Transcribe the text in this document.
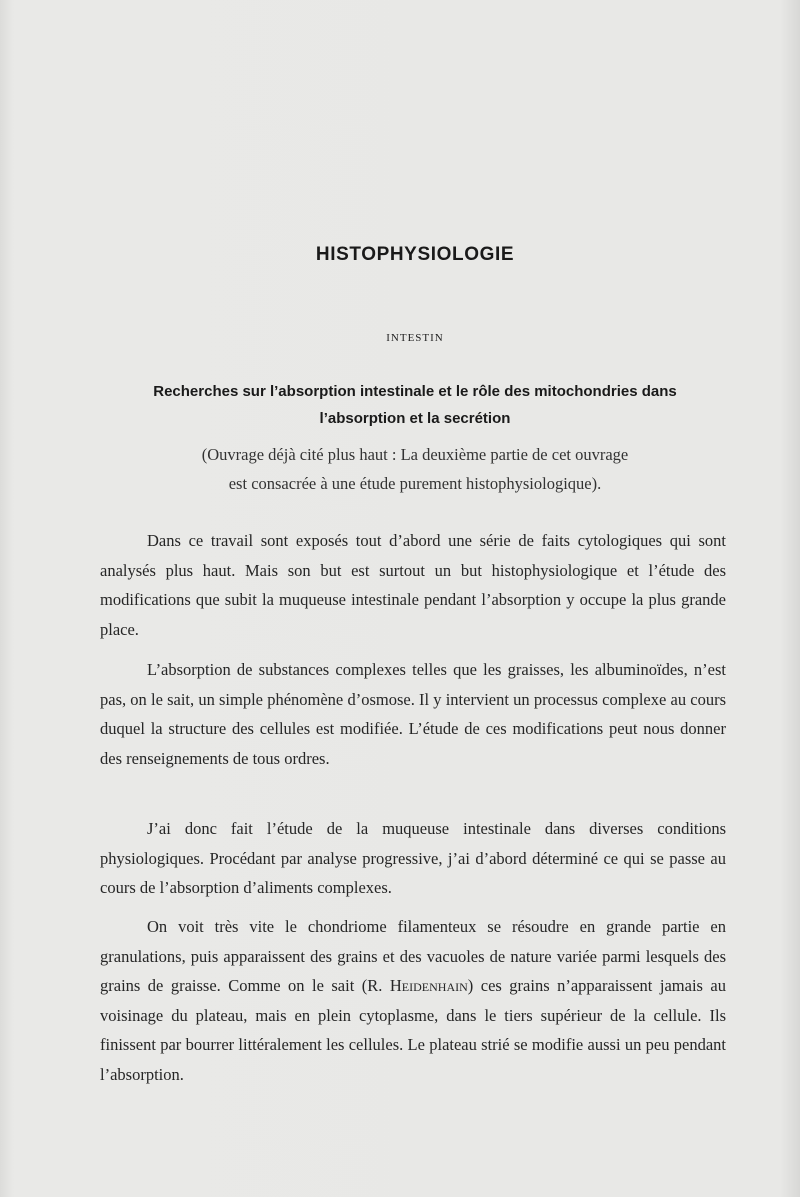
HISTOPHYSIOLOGIE
INTESTIN
Recherches sur l’absorption intestinale et le rôle des mitochondries dans
l’absorption et la secrétion

(Ouvrage déjà cité plus haut : La deuxième partie de cet ouvrage
est consacrée à une étude purement histophysiologique).

Dans ce travail sont exposés tout d’abord une série de faits cytologiques qui sont analysés plus haut. Mais son but est surtout un but histophysiologique et l’étude des modifications que subit la muqueuse intestinale pendant l’absorption y occupe la plus grande place.

L’absorption de substances complexes telles que les graisses, les albuminoïdes, n’est pas, on le sait, un simple phénomène d’osmose. Il y intervient un processus complexe au cours duquel la structure des cellules est modifiée. L’étude de ces modifications peut nous donner des renseignements de tous ordres.

J’ai donc fait l’étude de la muqueuse intestinale dans diverses conditions physiologiques. Procédant par analyse progressive, j’ai d’abord déterminé ce qui se passe au cours de l’absorption d’aliments complexes.

On voit très vite le chondriome filamenteux se résoudre en grande partie en granulations, puis apparaissent des grains et des vacuoles de nature variée parmi lesquels des grains de graisse. Comme on le sait (R. Heidenhain) ces grains n’apparaissent jamais au voisinage du plateau, mais en plein cytoplasme, dans le tiers supérieur de la cellule. Ils finissent par bourrer littéralement les cellules. Le plateau strié se modifie aussi un peu pendant l’absorption.
